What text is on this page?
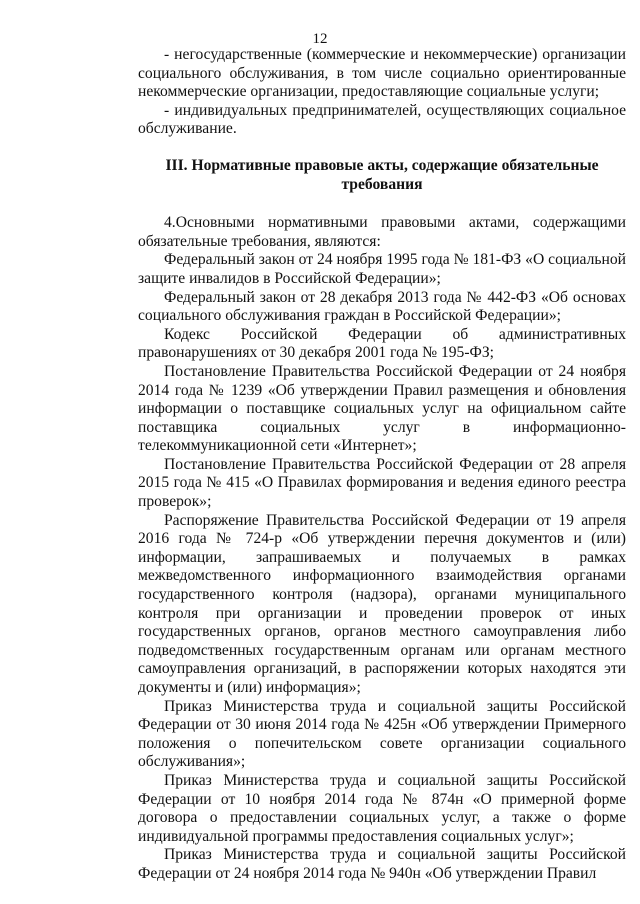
12

- негосударственные (коммерческие и некоммерческие) организации социального обслуживания, в том числе социально ориентированные некоммерческие организации, предоставляющие социальные услуги;

- индивидуальных предпринимателей, осуществляющих социальное обслуживание.

III. Нормативные правовые акты, содержащие обязательные требования

4.Основными нормативными правовыми актами, содержащими обязательные требования, являются:

Федеральный закон от 24 ноября 1995 года № 181-ФЗ «О социальной защите инвалидов в Российской Федерации»;

Федеральный закон от 28 декабря 2013 года № 442-ФЗ «Об основах социального обслуживания граждан в Российской Федерации»;

Кодекс Российской Федерации об административных правонарушениях от 30 декабря 2001 года № 195-ФЗ;

Постановление Правительства Российской Федерации от 24 ноября 2014 года № 1239 «Об утверждении Правил размещения и обновления информации о поставщике социальных услуг на официальном сайте поставщика социальных услуг в информационно-телекоммуникационной сети «Интернет»;

Постановление Правительства Российской Федерации от 28 апреля 2015 года № 415 «О Правилах формирования и ведения единого реестра проверок»;

Распоряжение Правительства Российской Федерации от 19 апреля 2016 года № 724-р «Об утверждении перечня документов и (или) информации, запрашиваемых и получаемых в рамках межведомственного информационного взаимодействия органами государственного контроля (надзора), органами муниципального контроля при организации и проведении проверок от иных государственных органов, органов местного самоуправления либо подведомственных государственным органам или органам местного самоуправления организаций, в распоряжении которых находятся эти документы и (или) информация»;

Приказ Министерства труда и социальной защиты Российской Федерации от 30 июня 2014 года № 425н «Об утверждении Примерного положения о попечительском совете организации социального обслуживания»;

Приказ Министерства труда и социальной защиты Российской Федерации от 10 ноября 2014 года № 874н «О примерной форме договора о предоставлении социальных услуг, а также о форме индивидуальной программы предоставления социальных услуг»;

Приказ Министерства труда и социальной защиты Российской Федерации от 24 ноября 2014 года № 940н «Об утверждении Правил
